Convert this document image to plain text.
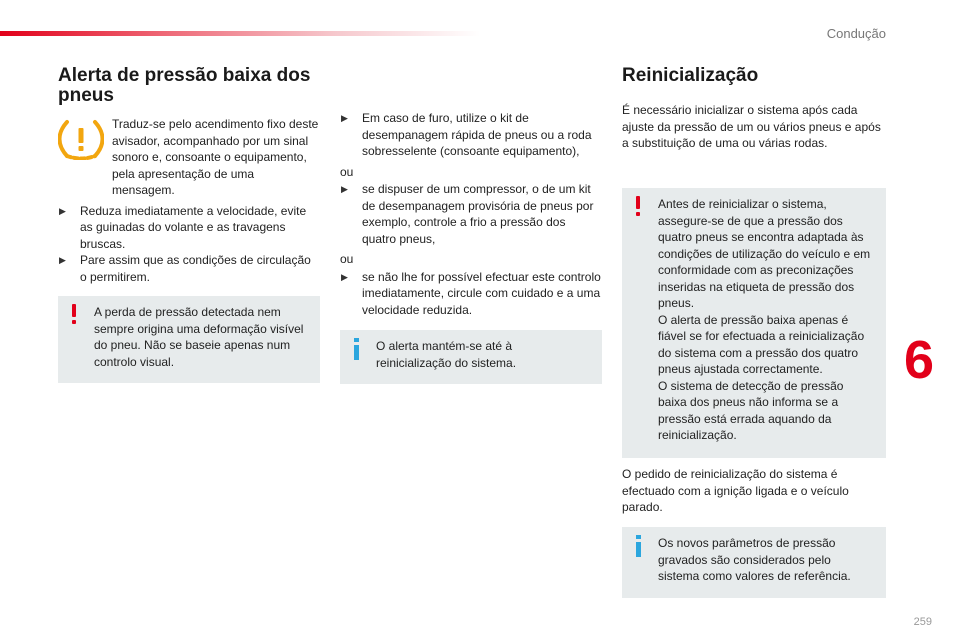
Condução
Alerta de pressão baixa dos pneus

Traduz-se pelo acendimento fixo deste avisador, acompanhado por um sinal sonoro e, consoante o equipamento, pela apresentação de uma mensagem.

▶ Reduza imediatamente a velocidade, evite as guinadas do volante e as travagens bruscas.
▶ Pare assim que as condições de circulação o permitirem.

A perda de pressão detectada nem sempre origina uma deformação visível do pneu. Não se baseie apenas num controlo visual.

▶ Em caso de furo, utilize o kit de desempanagem rápida de pneus ou a roda sobresselente (consoante equipamento),

ou

▶ se dispuser de um compressor, o de um kit de desempanagem provisória de pneus por exemplo, controle a frio a pressão dos quatro pneus,

ou

▶ se não lhe for possível efectuar este controlo imediatamente, circule com cuidado e a uma velocidade reduzida.

O alerta mantém-se até à reinicialização do sistema.

Reinicialização

É necessário inicializar o sistema após cada ajuste da pressão de um ou vários pneus e após a substituição de uma ou várias rodas.

Antes de reinicializar o sistema, assegure-se de que a pressão dos quatro pneus se encontra adaptada às condições de utilização do veículo e em conformidade com as preconizações inseridas na etiqueta de pressão dos pneus.

O alerta de pressão baixa apenas é fiável se for efectuada a reinicialização do sistema com a pressão dos quatro pneus ajustada correctamente.

O sistema de detecção de pressão baixa dos pneus não informa se a pressão está errada aquando da reinicialização.

O pedido de reinicialização do sistema é efectuado com a ignição ligada e o veículo parado.

Os novos parâmetros de pressão gravados são considerados pelo sistema como valores de referência.

6
259
